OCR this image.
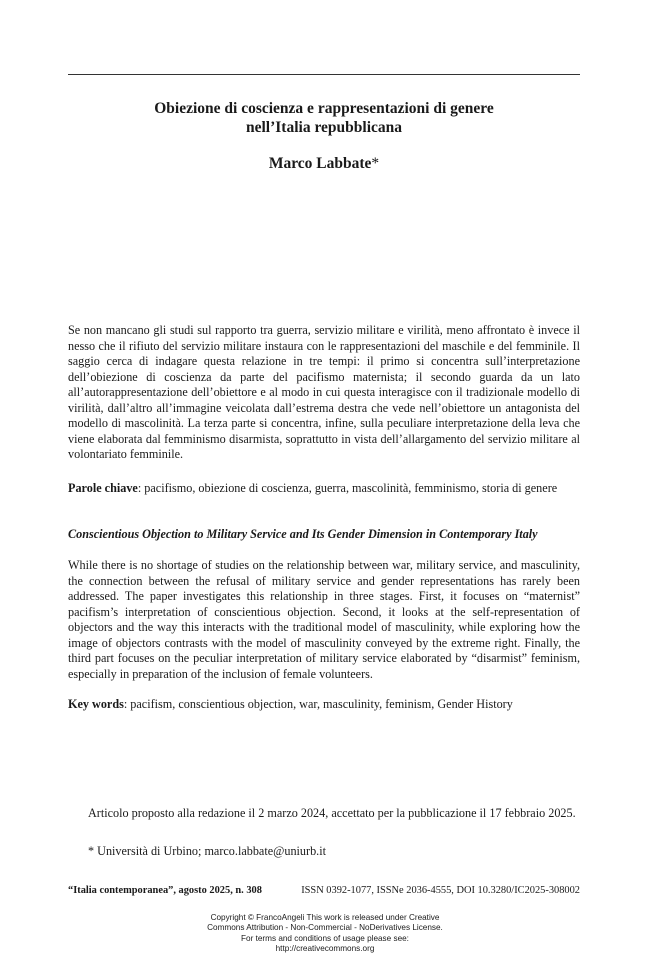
Obiezione di coscienza e rappresentazioni di genere
nell’Italia repubblicana
Marco Labbate*

Se non mancano gli studi sul rapporto tra guerra, servizio militare e virilità, meno affrontato è invece il nesso che il rifiuto del servizio militare instaura con le rappresentazioni del maschile e del femminile. Il saggio cerca di indagare questa relazione in tre tempi: il primo si concentra sull’interpretazione dell’obiezione di coscienza da parte del pacifismo maternista; il secondo guarda da un lato all’autorappresentazione dell’obiettore e al modo in cui questa interagisce con il tradizionale modello di virilità, dall’altro all’immagine veicolata dall’estrema destra che vede nell’obiettore un antagonista del modello di mascolinità. La terza parte si concentra, infine, sulla peculiare interpretazione della leva che viene elaborata dal femminismo disarmista, soprattutto in vista dell’allargamento del servizio militare al volontariato femminile.

Parole chiave: pacifismo, obiezione di coscienza, guerra, mascolinità, femminismo, storia di genere

Conscientious Objection to Military Service and Its Gender Dimension in Contemporary Italy

While there is no shortage of studies on the relationship between war, military service, and masculinity, the connection between the refusal of military service and gender representations has rarely been addressed. The paper investigates this relationship in three stages. First, it focuses on “maternist” pacifism’s interpretation of conscientious objection. Second, it looks at the self-representation of objectors and the way this interacts with the traditional model of masculinity, while exploring how the image of objectors contrasts with the model of masculinity conveyed by the extreme right. Finally, the third part focuses on the peculiar interpretation of military service elaborated by “disarmist” feminism, especially in preparation of the inclusion of female volunteers.

Key words: pacifism, conscientious objection, war, masculinity, feminism, Gender History

Articolo proposto alla redazione il 2 marzo 2024, accettato per la pubblicazione il 17 febbraio 2025.

* Università di Urbino; marco.labbate@uniurb.it
“Italia contemporanea”, agosto 2025, n. 308	ISSN 0392-1077, ISSNe 2036-4555, DOI 10.3280/IC2025-308002
Copyright © FrancoAngeli This work is released under Creative
Commons Attribution - Non-Commercial - NoDerivatives License.
For terms and conditions of usage please see:
http://creativecommons.org
